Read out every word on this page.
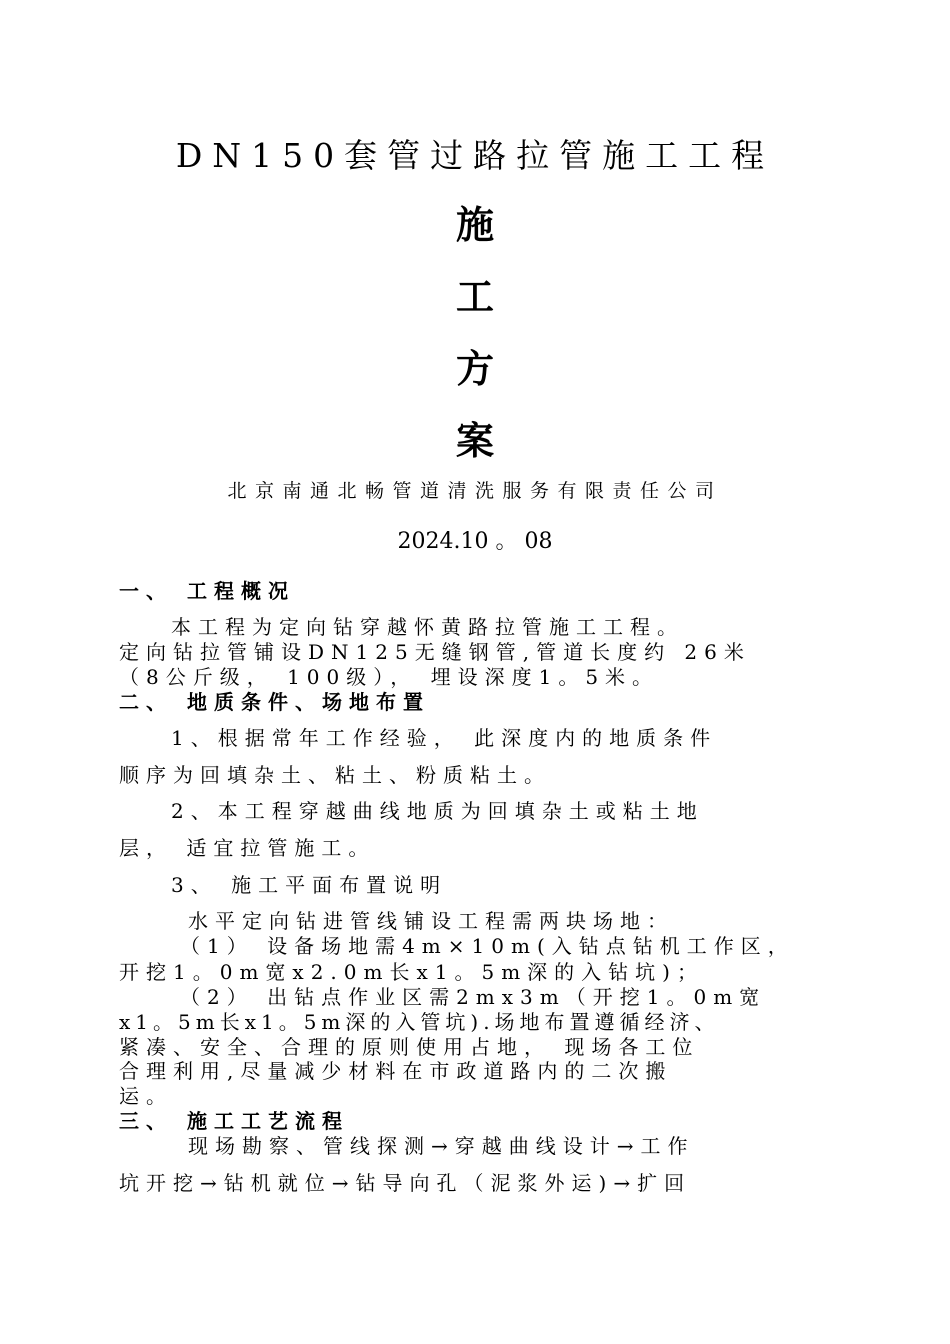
DN150套管过路拉管施工工程
施
工
方
案
北京南通北畅管道清洗服务有限责任公司
2024.10 。 08
一、 工程概况
本工程为定向钻穿越怀黄路拉管施工工程。
定向钻拉管铺设DN125无缝钢管,管道长度约 26米
（8公斤级， 100级）， 埋设深度1。5米。
二、 地质条件、场地布置
1、根据常年工作经验， 此深度内的地质条件
顺序为回填杂土、粘土、粉质粘土。
2、本工程穿越曲线地质为回填杂土或粘土地
层， 适宜拉管施工。
3、 施工平面布置说明
水平定向钻进管线铺设工程需两块场地：
（1） 设备场地需4m×10m(入钻点钻机工作区，
开挖1。0m宽x2.0m长x1。5m深的入钻坑)；
（2） 出钻点作业区需2mx3m（开挖1。0m宽
x1。5m长x1。5m深的入管坑).场地布置遵循经济、
紧凑、安全、合理的原则使用占地， 现场各工位
合理利用,尽量减少材料在市政道路内的二次搬
运。
三、 施工工艺流程
现场勘察、管线探测→穿越曲线设计→工作
坑开挖→钻机就位→钻导向孔（泥浆外运)→扩回
